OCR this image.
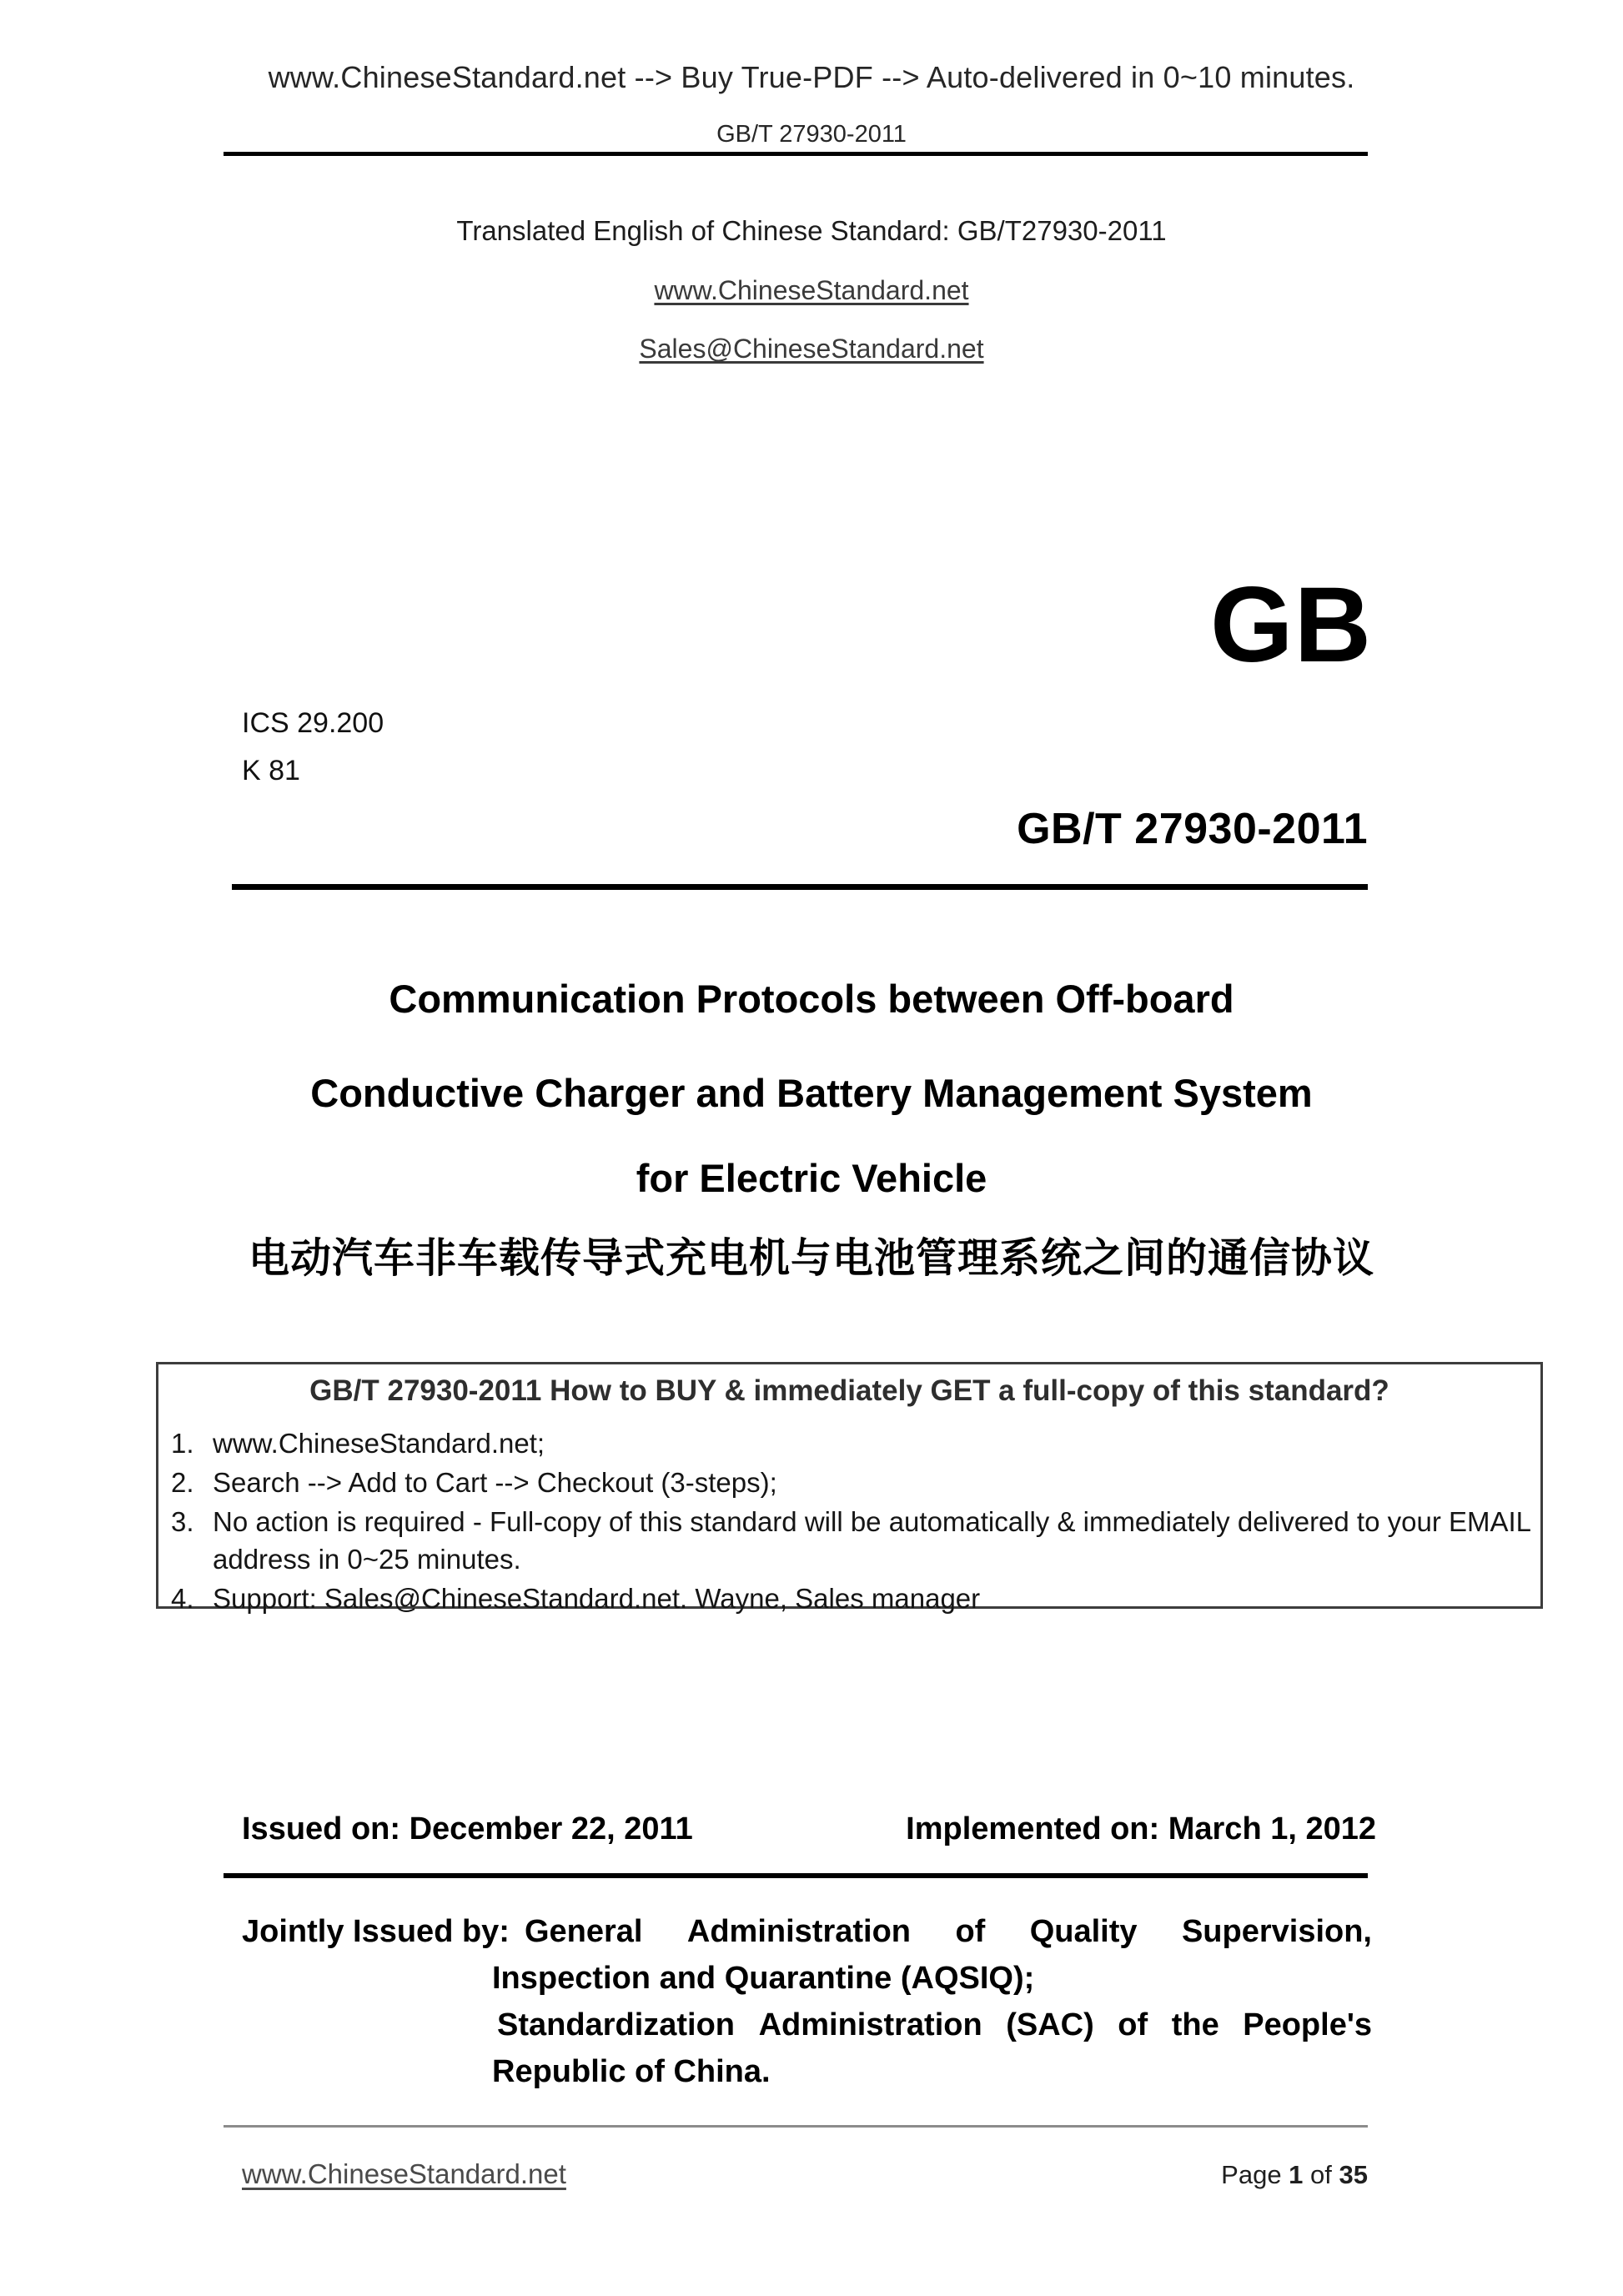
www.ChineseStandard.net --> Buy True-PDF --> Auto-delivered in 0~10 minutes.
GB/T 27930-2011
Translated English of Chinese Standard: GB/T27930-2011
www.ChineseStandard.net
Sales@ChineseStandard.net
GB
ICS 29.200
K 81
GB/T 27930-2011
Communication Protocols between Off-board
Conductive Charger and Battery Management System
for Electric Vehicle
电动汽车非车载传导式充电机与电池管理系统之间的通信协议
GB/T 27930-2011 How to BUY & immediately GET a full-copy of this standard?
1. www.ChineseStandard.net;
2. Search --> Add to Cart --> Checkout (3-steps);
3. No action is required - Full-copy of this standard will be automatically & immediately delivered to your EMAIL address in 0~25 minutes.
4. Support: Sales@ChineseStandard.net. Wayne, Sales manager
Issued on: December 22, 2011	Implemented on: March 1, 2012
Jointly Issued by: General Administration of Quality Supervision,
Inspection and Quarantine (AQSIQ);
Standardization Administration (SAC) of the People's
Republic of China.
www.ChineseStandard.net	Page 1 of 35
